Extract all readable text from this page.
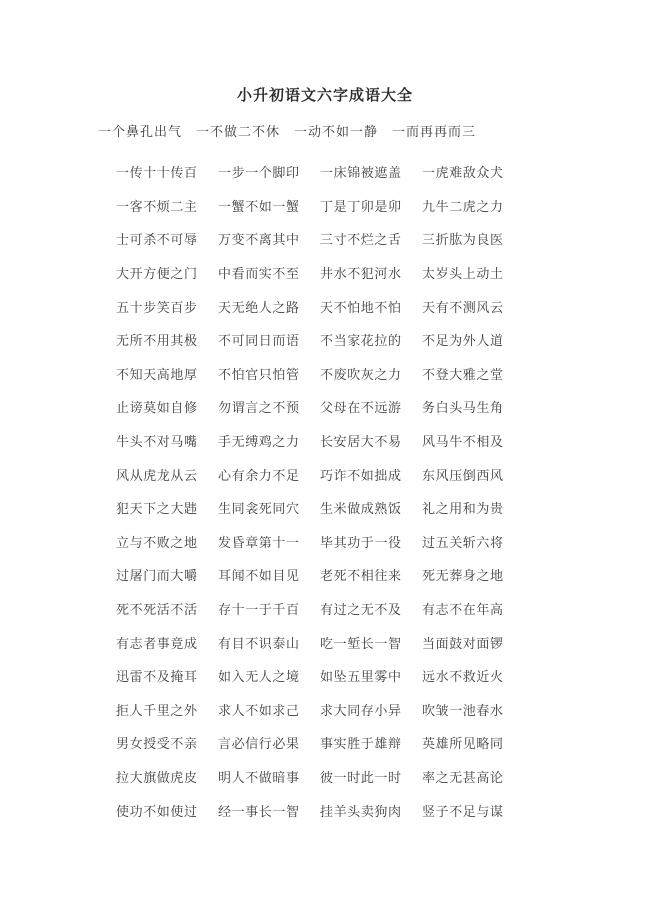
小升初语文六字成语大全
一个鼻孔出气 一不做二不休 一动不如一静 一而再再而三
一传十十传百	一步一个脚印	一床锦被遮盖	一虎难敌众犬
一客不烦二主	一蟹不如一蟹	丁是丁卯是卯	九牛二虎之力
士可杀不可辱	万变不离其中	三寸不烂之舌	三折肱为良医
大开方便之门	中看而实不至	井水不犯河水	太岁头上动土
五十步笑百步	天无绝人之路	天不怕地不怕	天有不测风云
无所不用其极	不可同日而语	不当家花拉的	不足为外人道
不知天高地厚	不怕官只怕管	不废吹灰之力	不登大雅之堂
止谤莫如自修	勿谓言之不预	父母在不远游	务白头马生角
牛头不对马嘴	手无缚鸡之力	长安居大不易	风马牛不相及
风从虎龙从云	心有余力不足	巧诈不如拙成	东风压倒西风
犯天下之大韪	生同衾死同穴	生米做成熟饭	礼之用和为贵
立与不败之地	发昏章第十一	毕其功于一役	过五关斩六将
过屠门而大嚼	耳闻不如目见	老死不相往来	死无葬身之地
死不死活不活	存十一于千百	有过之无不及	有志不在年高
有志者事竟成	有目不识泰山	吃一堑长一智	当面鼓对面锣
迅雷不及掩耳	如入无人之境	如坠五里雾中	远水不救近火
拒人千里之外	求人不如求己	求大同存小异	吹皱一池春水
男女授受不亲	言必信行必果	事实胜于雄辩	英雄所见略同
拉大旗做虎皮	明人不做暗事	彼一时此一时	率之无甚高论
使功不如使过	经一事长一智	挂羊头卖狗肉	竖子不足与谋
